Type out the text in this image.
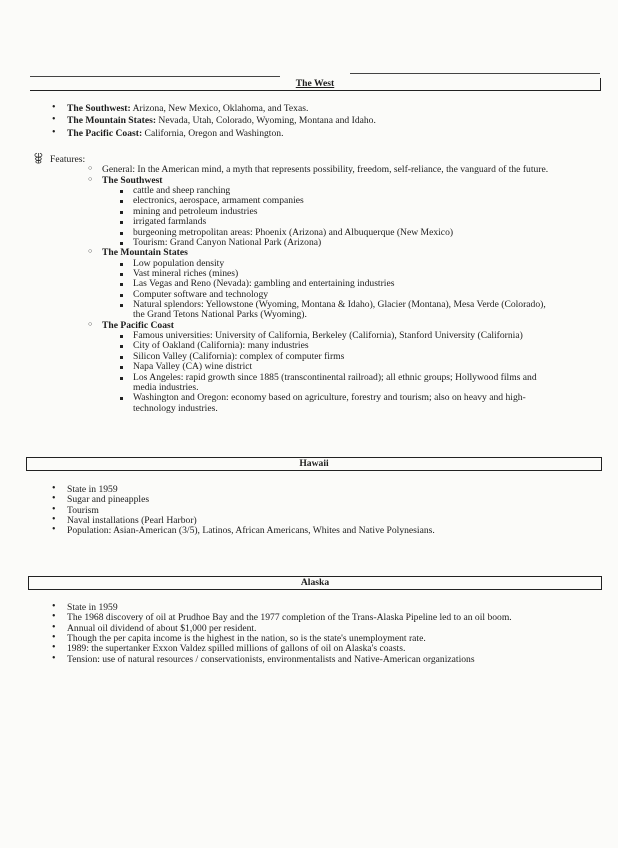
The West
• The Southwest: Arizona, New Mexico, Oklahoma, and Texas.
• The Mountain States: Nevada, Utah, Colorado, Wyoming, Montana and Idaho.
• The Pacific Coast: California, Oregon and Washington.
⯚ Features:
○ General: In the American mind, a myth that represents possibility, freedom, self-reliance, the vanguard of the future.
○ The Southwest
cattle and sheep ranching
electronics, aerospace, armament companies
mining and petroleum industries
irrigated farmlands
burgeoning metropolitan areas: Phoenix (Arizona) and Albuquerque (New Mexico)
Tourism: Grand Canyon National Park (Arizona)
○ The Mountain States
Low population density
Vast mineral riches (mines)
Las Vegas and Reno (Nevada): gambling and entertaining industries
Computer software and technology
Natural splendors: Yellowstone (Wyoming, Montana & Idaho), Glacier (Montana), Mesa Verde (Colorado), the Grand Tetons National Parks (Wyoming).
○ The Pacific Coast
Famous universities: University of California, Berkeley (California), Stanford University (California)
City of Oakland (California): many industries
Silicon Valley (California): complex of computer firms
Napa Valley (CA) wine district
Los Angeles: rapid growth since 1885 (transcontinental railroad); all ethnic groups; Hollywood films and media industries.
Washington and Oregon: economy based on agriculture, forestry and tourism; also on heavy and high-technology industries.
Hawaii
• State in 1959
• Sugar and pineapples
• Tourism
• Naval installations (Pearl Harbor)
• Population: Asian-American (3/5), Latinos, African Americans, Whites and Native Polynesians.
Alaska
• State in 1959
• The 1968 discovery of oil at Prudhoe Bay and the 1977 completion of the Trans-Alaska Pipeline led to an oil boom.
• Annual oil dividend of about $1,000 per resident.
• Though the per capita income is the highest in the nation, so is the state's unemployment rate.
• 1989: the supertanker Exxon Valdez spilled millions of gallons of oil on Alaska's coasts.
• Tension: use of natural resources / conservationists, environmentalists and Native-American organizations
